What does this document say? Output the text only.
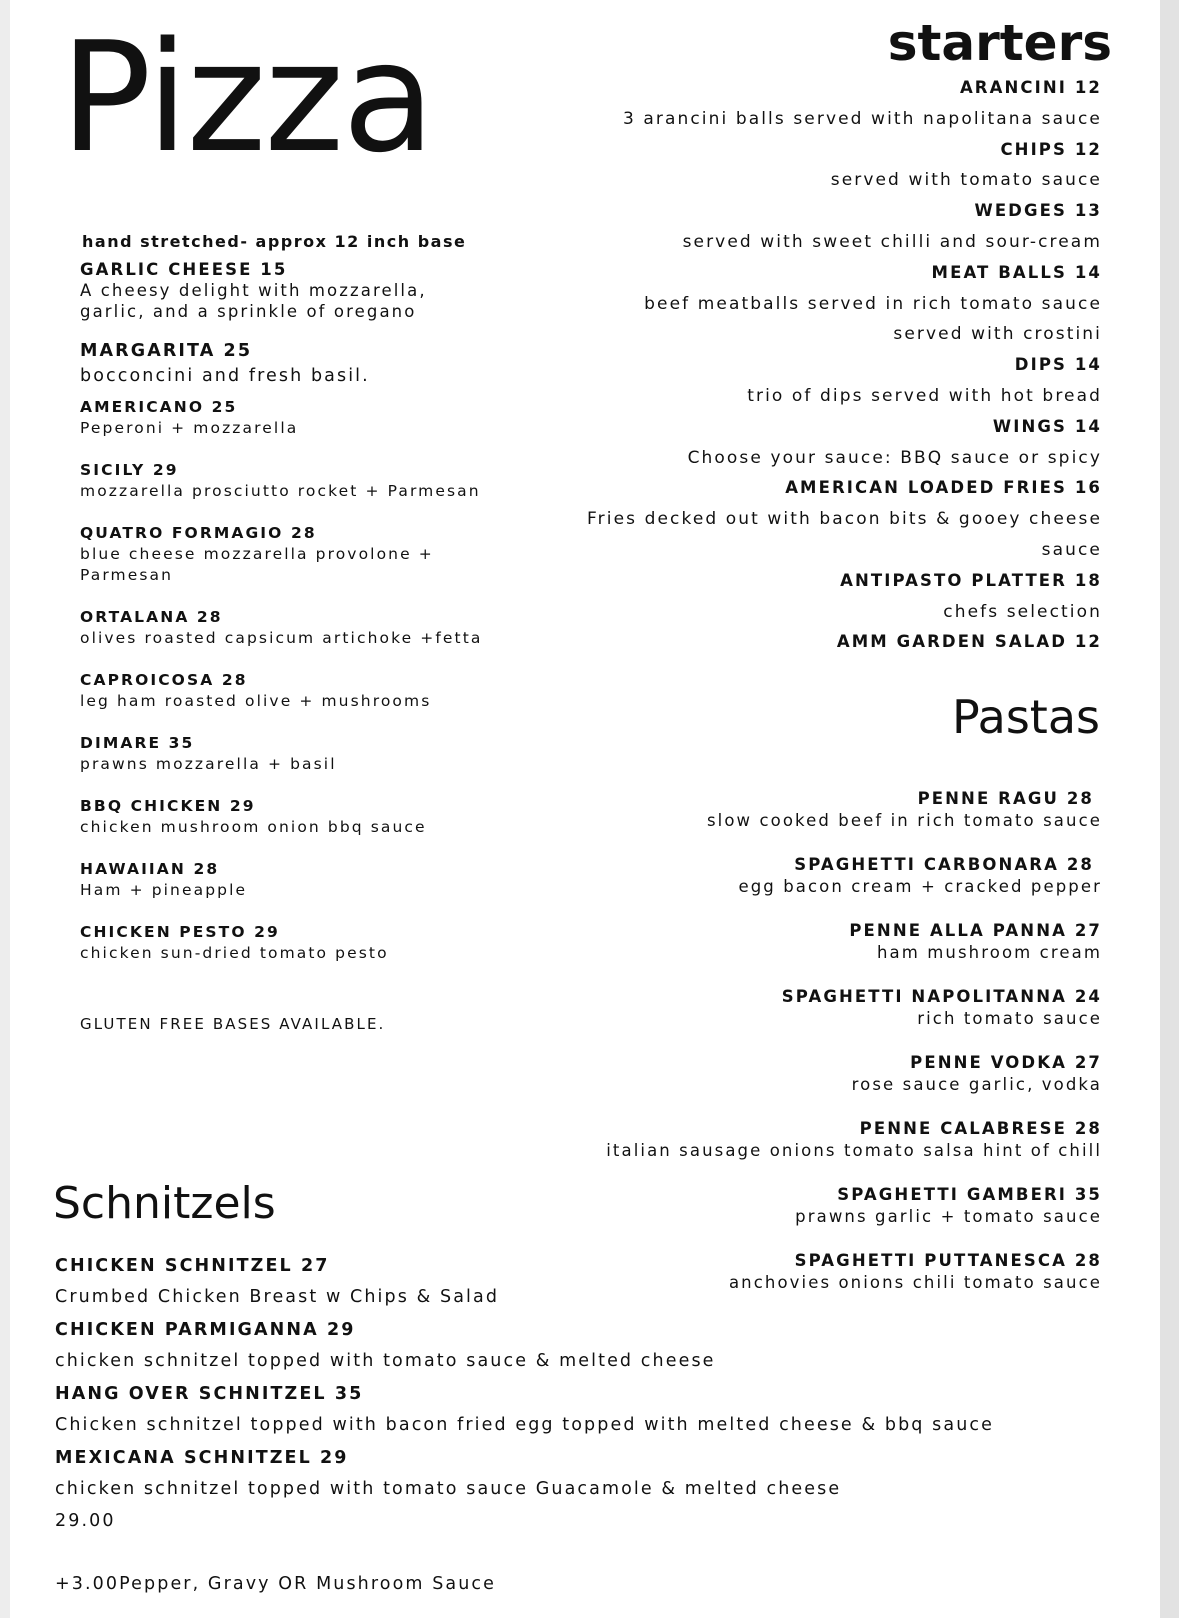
Pizza
hand stretched- approx 12 inch base
GARLIC CHEESE 15
A cheesy delight with mozzarella,
garlic, and a sprinkle of oregano
MARGARITA 25
bocconcini and fresh basil.
AMERICANO 25
Peperoni + mozzarella
SICILY 29
mozzarella prosciutto rocket + Parmesan
QUATRO FORMAGIO 28
blue cheese mozzarella provolone +
Parmesan
ORTALANA 28
olives roasted capsicum artichoke +fetta
CAPROICOSA 28
leg ham roasted olive + mushrooms
DIMARE 35
prawns mozzarella + basil
BBQ CHICKEN 29
chicken mushroom onion bbq sauce
HAWAIIAN 28
Ham + pineapple
CHICKEN PESTO 29
chicken sun-dried tomato pesto
GLUTEN FREE BASES AVAILABLE.
starters
ARANCINI 12
3 arancini balls served with napolitana sauce
CHIPS 12
served with tomato sauce
WEDGES 13
served with sweet chilli and sour-cream
MEAT BALLS 14
beef meatballs served in rich tomato sauce
served with crostini
DIPS 14
trio of dips served with hot bread
WINGS 14
Choose your sauce: BBQ sauce or spicy
AMERICAN LOADED FRIES 16
Fries decked out with bacon bits & gooey cheese
sauce
ANTIPASTO PLATTER 18
chefs selection
AMM GARDEN SALAD 12
Pastas
PENNE RAGU 28
slow cooked beef in rich tomato sauce
SPAGHETTI CARBONARA 28
egg bacon cream + cracked pepper
PENNE ALLA PANNA 27
ham mushroom cream
SPAGHETTI NAPOLITANNA 24
rich tomato sauce
PENNE VODKA 27
rose sauce garlic, vodka
PENNE CALABRESE 28
italian sausage onions tomato salsa hint of chill
SPAGHETTI GAMBERI 35
prawns garlic + tomato sauce
SPAGHETTI PUTTANESCA 28
anchovies onions chili tomato sauce
Schnitzels
CHICKEN SCHNITZEL 27
Crumbed Chicken Breast w Chips & Salad
CHICKEN PARMIGANNA 29
chicken schnitzel topped with tomato sauce & melted cheese
HANG OVER SCHNITZEL 35
Chicken schnitzel topped with bacon fried egg topped with melted cheese & bbq sauce
MEXICANA SCHNITZEL 29
chicken schnitzel topped with tomato sauce Guacamole & melted cheese
29.00
+3.00Pepper, Gravy OR Mushroom Sauce
